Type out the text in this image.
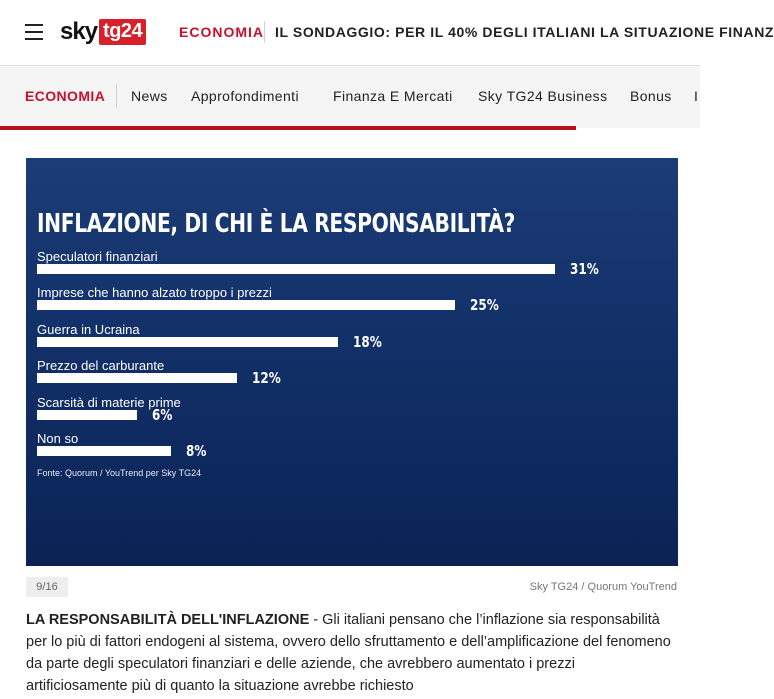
sky tg24	ECONOMIA IL SONDAGGIO: PER IL 40% DEGLI ITALIANI LA SITUAZIONE FINANZ
ECONOMIA News Approfondimenti Finanza E Mercati Sky TG24 Business Bonus I
INFLAZIONE, DI CHI È LA RESPONSABILITÀ?
Fonte: Quorum / YouTrend per Sky TG24
Speculatori finanziari
31%
Imprese che hanno alzato troppo i prezzi
25%
Guerra in Ucraina
18%
Prezzo del carburante
12%
Scarsità di materie prime
6%
Non so
8%
9/16	Sky TG24 / Quorum YouTrend
LA RESPONSABILITÀ DELL'INFLAZIONE - Gli italiani pensano che l’inflazione sia responsabilità per lo più di fattori endogeni al sistema, ovvero dello sfruttamento e dell’amplificazione del fenomeno da parte degli speculatori finanziari e delle aziende, che avrebbero aumentato i prezzi artificiosamente più di quanto la situazione avrebbe richiesto
